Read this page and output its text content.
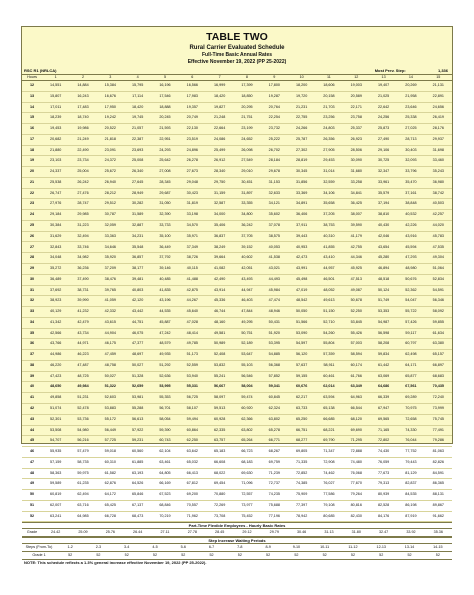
TABLE TWO
Rural Carrier Evaluated Schedule
Full-Time Basic Annual Rates
Effective November 19, 2022 (PP 25-2022)
RSC R1 (NRLCA)	Most Prev. Step:	1,336
Hours	1	2	3	4	5	6	7	8	9	10	11	12	13	14	15
12	14,551	14,884	15,384	15,795	16,196	16,566	16,999	17,399	17,800	18,200	18,606	19,003	19,407	20,269	21,131
13	15,807	16,243	16,676	17,114	17,546	17,983	18,420	18,850	19,287	19,720	20,158	20,589	21,025	21,958	22,891
14	17,011	17,483	17,950	18,420	18,888	19,357	19,827	20,295	20,764	21,231	21,703	22,171	22,642	23,646	24,656
15	18,239	18,740	19,242	19,745	20,245	20,749	21,248	21,751	22,254	22,755	23,256	23,758	24,256	25,338	26,419
16	19,453	19,986	20,522	21,057	21,593	22,130	22,664	23,199	23,732	24,266	24,803	25,337	25,873	27,025	28,176
17	20,682	21,249	21,818	22,387	22,951	23,519	24,086	24,652	25,222	25,787	26,356	26,923	27,490	28,713	29,937
18	21,880	22,490	23,091	23,693	24,293	24,896	25,499	26,098	26,702	27,302	27,905	28,506	29,106	30,403	31,698
19	23,103	23,734	24,372	25,008	25,642	26,278	26,912	27,549	28,184	28,819	29,453	30,090	30,725	32,093	33,460
20	24,337	25,004	25,672	26,340	27,008	27,673	28,340	29,010	29,678	30,345	31,014	31,680	32,347	33,796	35,243
21	25,538	26,242	26,940	27,645	28,345	29,048	29,750	30,451	31,153	31,856	32,559	33,258	33,961	35,470	36,980
22	26,747	27,476	28,212	28,949	29,687	30,423	31,159	31,897	32,633	33,369	34,106	34,841	35,579	37,161	38,742
23	27,976	28,747	29,512	30,282	31,050	31,819	32,587	33,355	34,121	34,891	35,658	36,425	37,194	38,848	40,503
24	29,184	29,985	30,787	31,589	32,390	33,198	34,000	34,800	35,602	36,406	37,205	38,007	38,810	40,532	42,257
25	30,384	31,223	32,059	32,887	33,733	34,570	35,406	36,242	37,078	37,911	38,753	39,590	40,430	42,226	44,020
26	31,629	32,494	33,363	34,231	35,100	35,971	36,837	37,705	38,575	39,443	40,310	41,179	42,046	43,916	45,783
27	32,843	33,746	34,646	35,548	36,449	37,349	38,249	39,152	40,053	40,953	41,855	42,755	43,654	45,594	47,535
28	34,048	34,982	35,920	36,857	37,792	38,726	39,664	40,602	41,538	42,473	43,410	44,346	45,280	47,293	49,304
29	35,272	36,236	37,209	38,177	39,146	40,115	41,082	42,051	43,021	43,991	44,957	45,925	46,894	48,980	51,064
30	36,489	37,490	38,476	39,481	40,485	41,488	42,490	43,493	44,493	45,498	46,501	47,513	48,518	50,676	52,834
31	37,692	38,731	39,765	40,803	41,835	42,875	43,914	44,947	45,984	47,019	48,052	49,087	50,124	52,362	54,591
32	38,923	39,990	41,059	42,120	43,196	44,267	45,336	46,403	47,474	48,542	49,613	50,678	51,749	54,047	56,346
33	40,129	41,232	42,332	43,442	44,535	45,640	46,744	47,844	48,946	50,050	51,150	52,250	53,353	55,722	58,092
34	41,342	42,479	43,615	44,751	45,887	47,028	48,160	49,295	50,431	51,566	52,710	53,845	54,987	57,426	59,855
35	42,566	43,734	44,904	46,075	47,242	48,414	49,581	50,751	51,920	53,090	54,260	55,426	56,598	59,117	61,634
36	43,766	44,971	46,175	47,377	48,579	49,785	50,989	52,189	53,395	54,597	55,804	57,003	58,208	60,797	63,380
37	44,986	46,223	47,459	48,697	49,935	51,173	52,408	53,647	54,885	56,120	57,359	58,594	59,834	62,498	65,157
38	46,220	47,487	48,758	50,027	51,292	52,559	53,832	55,103	56,368	57,637	58,911	60,174	61,442	64,171	66,897
39	47,423	48,725	50,027	51,328	52,636	53,940	55,241	56,546	57,852	59,155	60,461	61,766	63,069	65,877	68,683
40	48,650	49,984	51,322	52,659	53,995	55,331	56,667	58,004	59,341	60,676	62,014	63,349	64,686	67,561	70,435
41	49,858	51,231	52,603	53,981	55,353	56,725	58,097	59,474	60,845	62,217	63,594	64,963	66,339	69,289	72,240
42	51,074	52,478	53,883	55,288	56,701	58,107	59,513	60,920	62,324	63,733	65,138	66,544	67,947	70,975	73,999
43	52,301	53,736	55,172	56,613	58,054	59,494	60,928	62,366	63,802	65,250	66,685	68,120	69,565	72,658	75,745
44	53,508	54,980	56,449	57,922	59,390	60,864	62,335	63,802	65,278	66,751	68,221	69,690	71,165	74,330	77,491
45	54,707	56,216	57,725	59,231	60,743	62,250	63,757	65,264	66,771	68,277	69,790	71,295	72,802	76,044	79,286
46	55,935	57,479	59,018	60,560	62,104	63,642	65,183	66,723	68,267	69,805	71,347	72,888	74,430	77,752	81,063
47	57,159	58,735	60,310	61,885	63,461	65,032	66,608	68,183	69,759	71,335	72,908	74,480	76,059	79,443	82,826
48	58,363	59,975	61,582	63,193	64,805	66,413	68,022	69,630	71,239	72,852	74,462	76,068	77,673	81,129	84,591
49	59,589	61,235	62,876	64,526	66,169	67,812	69,454	71,096	72,737	74,385	76,027	77,670	79,313	82,837	86,365
50	60,819	62,494	64,172	65,846	67,523	69,200	70,880	72,557	74,235	75,909	77,586	79,264	80,939	84,535	88,131
51	62,007	63,716	65,425	67,137	68,846	70,557	72,269	73,977	75,688	77,397	79,108	80,816	82,528	86,198	89,867
52	63,241	64,985	66,728	68,473	70,219	71,962	73,708	75,452	77,196	78,942	80,685	82,430	84,176	87,919	91,662
Part-Time Flexible Employees - Hourly Basic Rates
Grade	24.42	25.09	25.76	26.44	27.11	27.78	28.45	29.12	29.79	30.46	31.13	31.80	32.47	33.92	35.36
Step Increase Waiting Periods
Steps (From-To)	1-2	2-3	3-4	4-5	5-6	6-7	7-8	8-9	9-10	10-11	11-12	12-13	13-14	14-15
Grade 1	52	52	52	52	52	52	52	52	52	52	52	52	52	52
NOTE: This schedule reflects a 1.3% general increase effective November 19, 2022 (PP 25-2022).
